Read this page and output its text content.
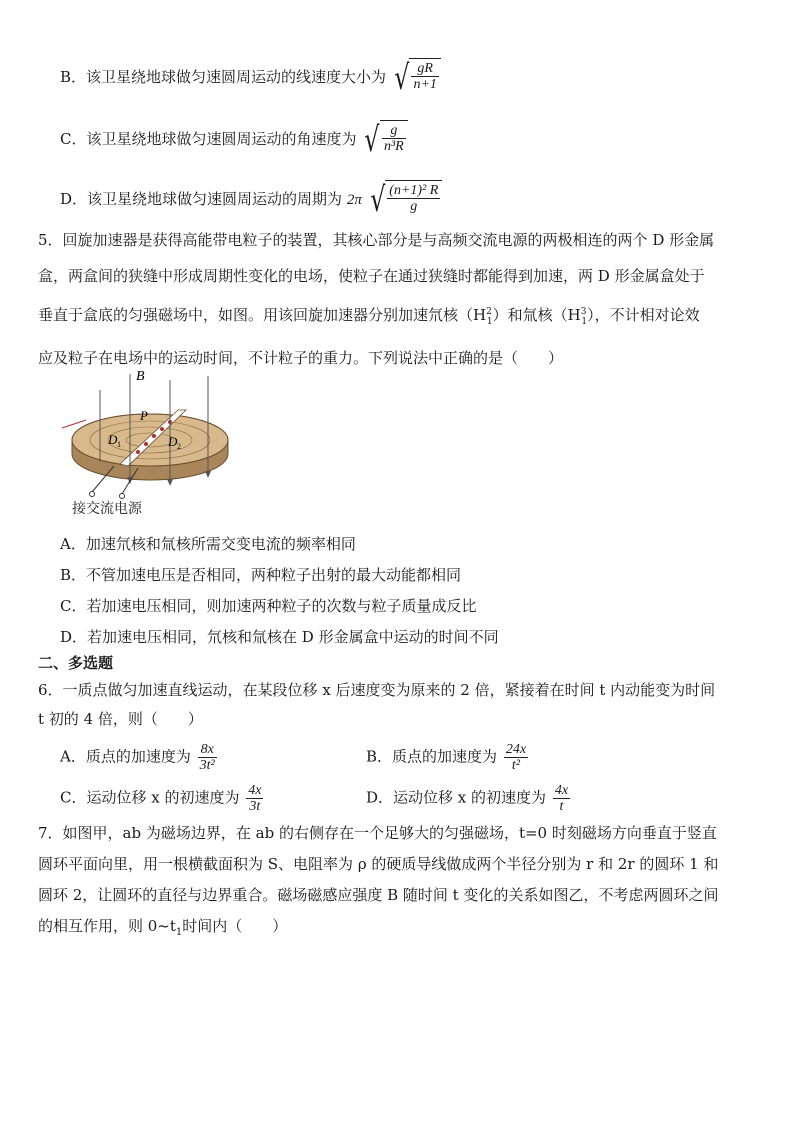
B．该卫星绕地球做匀速圆周运动的线速度大小为 √ $\frac{gR}{n+1}$
C．该卫星绕地球做匀速圆周运动的角速度为 √ $\frac{g}{\text{n³R}}$
D．该卫星绕地球做匀速圆周运动的周期为 2π √ $\frac{\text{(n+1)² R}}{g}$
5．回旋加速器是获得高能带电粒子的装置，其核心部分是与高频交流电源的两极相连的两个 D 形金属
盒，两盒间的狭缝中形成周期性变化的电场，使粒子在通过狭缝时都能得到加速，两 D 形金属盒处于
垂直于盒底的匀强磁场中，如图。用该回旋加速器分别加速氘核$(H^2_1)$和氚核$(H^3_1)$，不计相对论效
应及粒子在电场中的运动时间，不计粒子的重力。下列说法中正确的是（　　）
B
P
D 1	D 2
接交流电源
A．加速氘核和氚核所需交变电流的频率相同
B．不管加速电压是否相同，两种粒子出射的最大动能都相同
C．若加速电压相同，则加速两种粒子的次数与粒子质量成反比
D．若加速电压相同，氘核和氚核在 D 形金属盒中运动的时间不同
二、多选题
6．一质点做匀加速直线运动，在某段位移 x 后速度变为原来的 2 倍，紧接着在时间 t 内动能变为时间
t 初的 4 倍，则（　　）
A．质点的加速度为 $\frac{8x}{\text{3t²}}$	B．质点的加速度为 $\frac{24x}{\text{t²}}$
C．运动位移 x 的初速度为 $\frac{4x}{3t}$	D．运动位移 x 的初速度为 $\frac{4x}{t}$
7．如图甲，ab 为磁场边界，在 ab 的右侧存在一个足够大的匀强磁场，t=0 时刻磁场方向垂直于竖直
圆环平面向里，用一根横截面积为 S、电阻率为 ρ 的硬质导线做成两个半径分别为 r 和 2r 的圆环 1 和
圆环 2，让圆环的直径与边界重合。磁场磁感应强度 B 随时间 t 变化的关系如图乙，不考虑两圆环之间
的相互作用，则 $0\sim t_1$时间内（　　）
